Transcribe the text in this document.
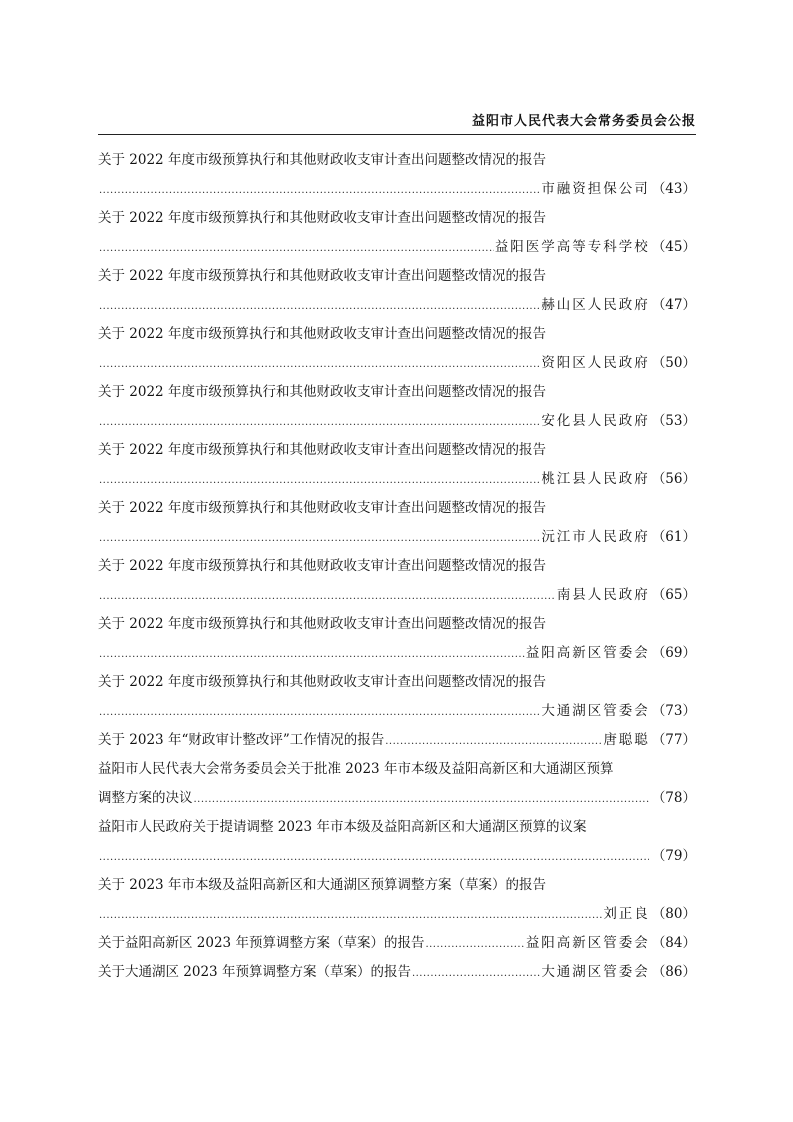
益阳市人民代表大会常务委员会公报
关于 2022 年度市级预算执行和其他财政收支审计查出问题整改情况的报告
.....
市融资担保公司 （43）
关于 2022 年度市级预算执行和其他财政收支审计查出问题整改情况的报告
.....
益阳医学高等专科学校 （45）
关于 2022 年度市级预算执行和其他财政收支审计查出问题整改情况的报告
.....
赫山区人民政府 （47）
关于 2022 年度市级预算执行和其他财政收支审计查出问题整改情况的报告
.....
资阳区人民政府 （50）
关于 2022 年度市级预算执行和其他财政收支审计查出问题整改情况的报告
.....
安化县人民政府 （53）
关于 2022 年度市级预算执行和其他财政收支审计查出问题整改情况的报告
.....
桃江县人民政府 （56）
关于 2022 年度市级预算执行和其他财政收支审计查出问题整改情况的报告
.....
沅江市人民政府 （61）
关于 2022 年度市级预算执行和其他财政收支审计查出问题整改情况的报告
.....
南县人民政府 （65）
关于 2022 年度市级预算执行和其他财政收支审计查出问题整改情况的报告
.....
益阳高新区管委会 （69）
关于 2022 年度市级预算执行和其他财政收支审计查出问题整改情况的报告
.....
大通湖区管委会 （73）
关于 2023 年“财政审计整改评”工作情况的报告 .....	唐聪聪 （77）
益阳市人民代表大会常务委员会关于批准 2023 年市本级及益阳高新区和大通湖区预算
调整方案的决议 .....	（78）
益阳市人民政府关于提请调整 2023 年市本级及益阳高新区和大通湖区预算的议案
.....
（79）
关于 2023 年市本级及益阳高新区和大通湖区预算调整方案（草案）的报告
.....
刘正良 （80）
关于益阳高新区 2023 年预算调整方案（草案）的报告 .....	益阳高新区管委会 （84）
关于大通湖区 2023 年预算调整方案（草案）的报告 .....	大通湖区管委会 （86）
